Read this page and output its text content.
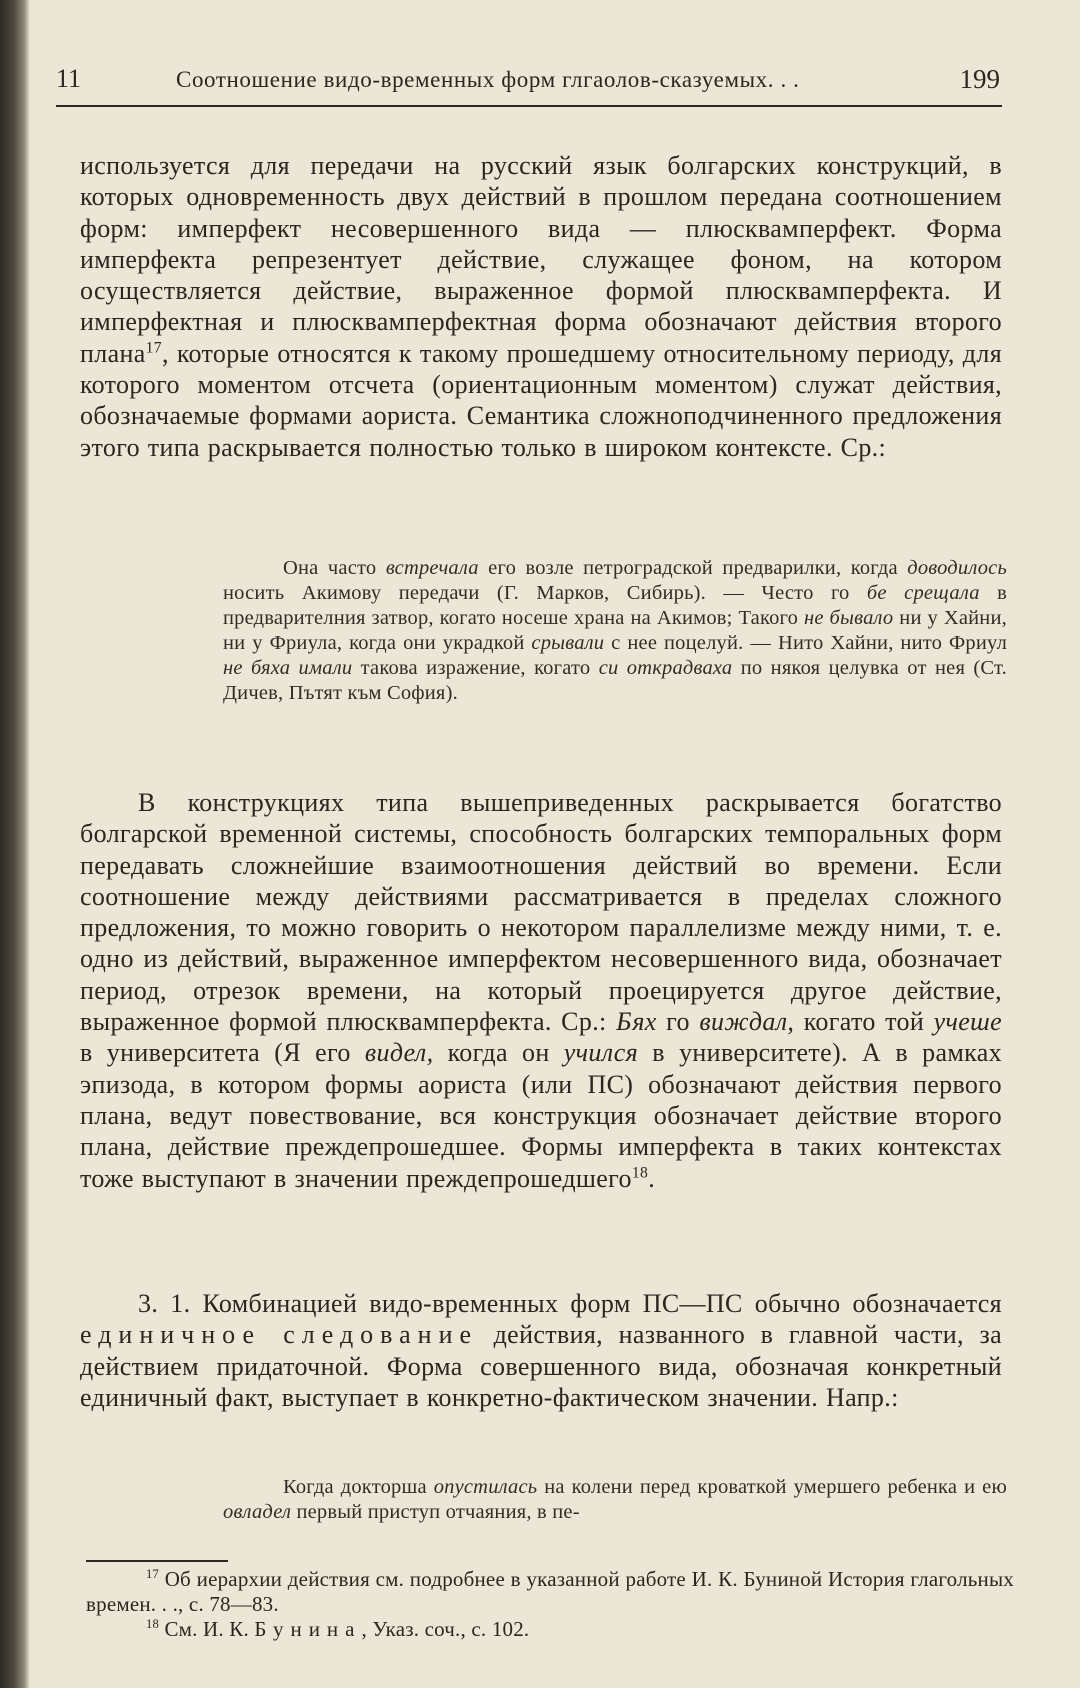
11	Соотношение видо-временных форм глгаолов-сказуемых. . .	199
используется для передачи на русский язык болгарских конструкций, в которых одновременность двух действий в прошлом передана соотношением форм: имперфект несовершенного вида — плюсквамперфект. Форма имперфекта репрезентует действие, служащее фоном, на котором осуществляется действие, выраженное формой плюсквамперфекта. И имперфектная и плюсквамперфектная форма обозначают действия второго плана$^{17}$, которые относятся к такому прошедшему относительному периоду, для которого моментом отсчета (ориентационным моментом) служат действия, обозначаемые формами аориста. Семантика сложноподчиненного предложения этого типа раскрывается полностью только в широком контексте. Ср.:
Она часто встречала его возле петроградской предварилки, когда доводилось носить Акимову передачи (Г. Марков, Сибирь). — Често го бе срещала в предварителния затвор, когато носеше храна на Акимов; Такого не бывало ни у Хайни, ни у Фриула, когда они украдкой срывали с нее поцелуй. — Нито Хайни, нито Фриул не бяха имали такова изражение, когато си открадваха по някоя целувка от нея (Ст. Дичев, Пътят към София).
В конструкциях типа вышеприведенных раскрывается богатство болгарской временной системы, способность болгарских темпоральных форм передавать сложнейшие взаимоотношения действий во времени. Если соотношение между действиями рассматривается в пределах сложного предложения, то можно говорить о некотором параллелизме между ними, т. е. одно из действий, выраженное имперфектом несовершенного вида, обозначает период, отрезок времени, на который проецируется другое действие, выраженное формой плюсквамперфекта. Ср.: Бях го виждал, когато той учеше в университета (Я его видел, когда он учился в университете). А в рамках эпизода, в котором формы аориста (или ПС) обозначают действия первого плана, ведут повествование, вся конструкция обозначает действие второго плана, действие преждепрошедшее. Формы имперфекта в таких контекстах тоже выступают в значении преждепрошедшего$^{18}$.
3. 1. Комбинацией видо-временных форм ПС—ПС обычно обозначается единичное следование действия, названного в главной части, за действием придаточной. Форма совершенного вида, обозначая конкретный единичный факт, выступает в конкретно-фактическом значении. Напр.:
Когда докторша опустилась на колени перед кроваткой умершего ребенка и ею овладел первый приступ отчаяния, в пе-
$^{17}$ Об иерархии действия см. подробнее в указанной работе И. К. Буниной История глагольных времен. . ., с. 78—83.
$^{18}$ См. И. К. Бунина, Указ. соч., с. 102.
